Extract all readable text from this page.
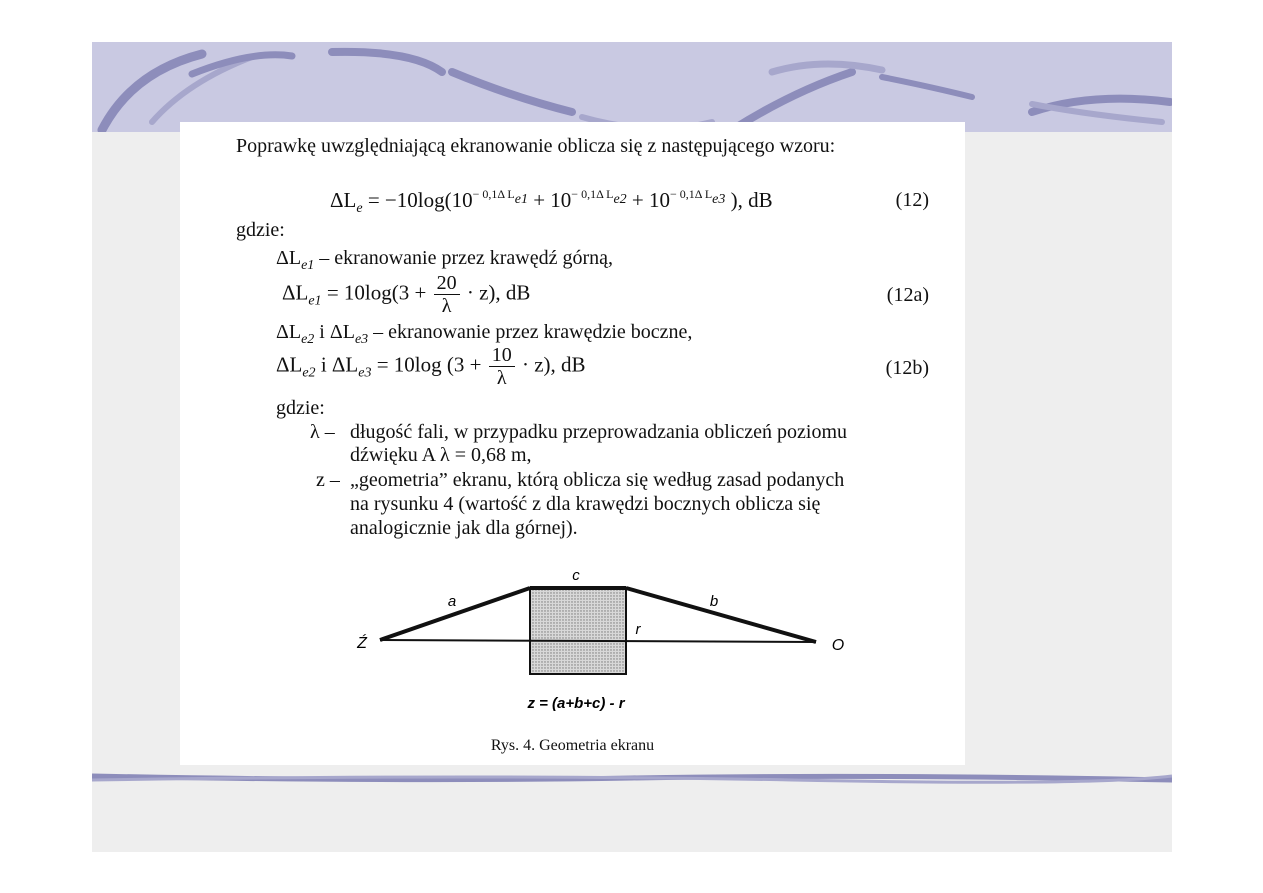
Poprawkę uwzględniającą ekranowanie oblicza się z następującego wzoru:
$\Delta L_e = -10\log(10^{- 0,1\Delta L_{e1}} + 10^{- 0,1\Delta L_{e2}} + 10^{- 0,1\Delta L_{e3}}$ ), dB	(12)
gdzie:
$\Delta L_{e1}$ – ekranowanie przez krawędź górną,
$\Delta L_{e1} = 10\log(3 + \frac{20}{\lambda} \cdot z)$, dB	(12a)
$\Delta L_{e2}$ i $\Delta L_{e3}$ – ekranowanie przez krawędzie boczne,
$\Delta L_{e2}$ i $\Delta L_{e3} = 10\log$ $(3 + \frac{10}{\lambda} \cdot z)$, dB	(12b)
gdzie:
λ – długość fali, w przypadku przeprowadzania obliczeń poziomu
dźwięku A λ = 0,68 m,
z – „geometria” ekranu, którą oblicza się według zasad podanych
na rysunku 4 (wartość z dla krawędzi bocznych oblicza się
analogicznie jak dla górnej).
c
a	b
r
Ź	O
z = (a+b+c) - r
Rys. 4. Geometria ekranu
